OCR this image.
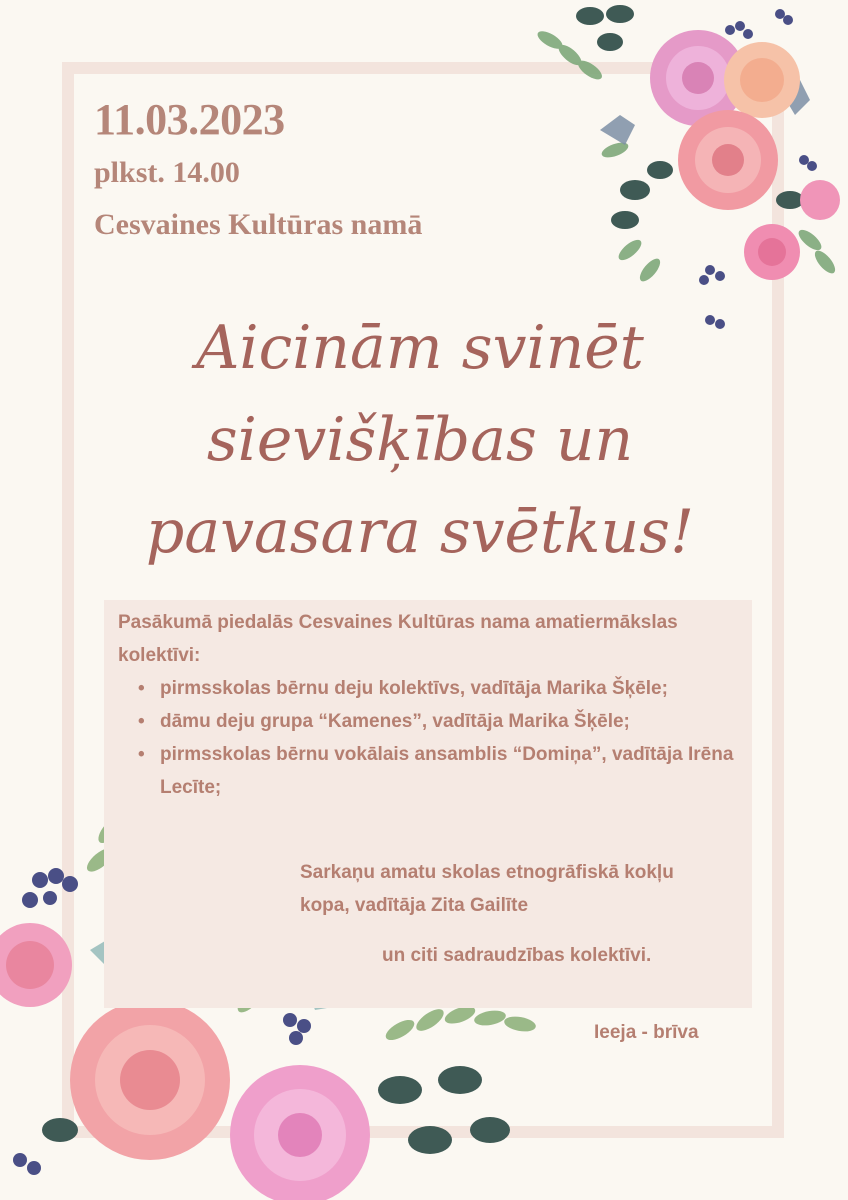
11.03.2023

plkst. 14.00

Cesvaines Kultūras namā

Aicinām svinēt
sievišķības un
pavasara svētkus!

Pasākumā piedalās Cesvaines Kultūras nama amatiermākslas kolektīvi:

• pirmsskolas bērnu deju kolektīvs, vadītāja Marika Šķēle;
• dāmu deju grupa “Kamenes”, vadītāja Marika Šķēle;
• pirmsskolas bērnu vokālais ansamblis “Domiņa”, vadītāja Irēna Lecīte;

Sarkaņu amatu skolas etnogrāfiskā kokļu kopa, vadītāja Zita Gailīte

un citi sadraudzības kolektīvi.

Ieeja - brīva
